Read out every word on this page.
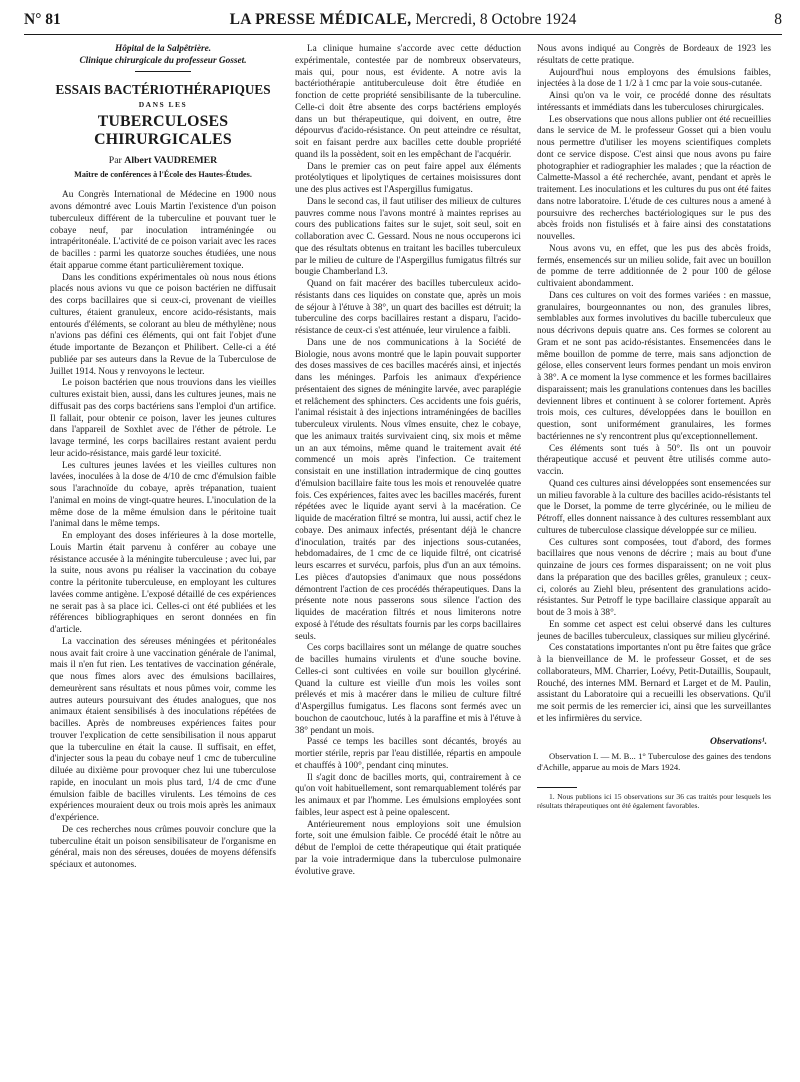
N° 81	LA PRESSE MÉDICALE, Mercredi, 8 Octobre 1924	8
Hôpital de la Salpêtrière.
Clinique chirurgicale du professeur Gosset.
ESSAIS BACTÉRIOTHÉRAPIQUES
DANS LES
TUBERCULOSES CHIRURGICALES
Par Albert VAUDREMER
Maître de conférences à l'École des Hautes-Études.

Au Congrès International de Médecine en 1900 nous avons démontré avec Louis Martin l'existence d'un poison tuberculeux différent de la tuberculine et pouvant tuer le cobaye neuf, par inoculation intraméningée ou intrapéritonéale. L'activité de ce poison variait avec les races de bacilles : parmi les quatorze souches étudiées, une nous était apparue comme étant particulièrement toxique.

Dans les conditions expérimentales où nous nous étions placés nous avions vu que ce poison bactérien ne diffusait des corps bacillaires que si ceux-ci, provenant de vieilles cultures, étaient granuleux, encore acido-résistants, mais entourés d'éléments, se colorant au bleu de méthylène; nous n'avions pas défini ces éléments, qui ont fait l'objet d'une étude importante de Bezançon et Philibert. Celle-ci a été publiée par ses auteurs dans la Revue de la Tuberculose de Juillet 1914. Nous y renvoyons le lecteur.

Le poison bactérien que nous trouvions dans les vieilles cultures existait bien, aussi, dans les cultures jeunes, mais ne diffusait pas des corps bactériens sans l'emploi d'un artifice. Il fallait, pour obtenir ce poison, laver les jeunes cultures dans l'appareil de Soxhlet avec de l'éther de pétrole. Le lavage terminé, les corps bacillaires restant avaient perdu leur acido-résistance, mais gardé leur toxicité.

Les cultures jeunes lavées et les vieilles cultures non lavées, inoculées à la dose de 4/10 de cmc d'émulsion faible sous l'arachnoïde du cobaye, après trépanation, tuaient l'animal en moins de vingt-quatre heures. L'inoculation de la même dose de la même émulsion dans le péritoine tuait l'animal dans le même temps.

En employant des doses inférieures à la dose mortelle, Louis Martin était parvenu à conférer au cobaye une résistance accusée à la méningite tuberculeuse ; avec lui, par la suite, nous avons pu réaliser la vaccination du cobaye contre la péritonite tuberculeuse, en employant les cultures lavées comme antigène. L'exposé détaillé de ces expériences ne serait pas à sa place ici. Celles-ci ont été publiées et les références bibliographiques en seront données en fin d'article.

La vaccination des séreuses méningées et péritonéales nous avait fait croire à une vaccination générale de l'animal, mais il n'en fut rien. Les tentatives de vaccination générale, que nous fîmes alors avec des émulsions bacillaires, demeurèrent sans résultats et nous pûmes voir, comme les autres auteurs poursuivant des études analogues, que nos animaux étaient sensibilisés à des inoculations répétées de bacilles. Après de nombreuses expériences faites pour trouver l'explication de cette sensibilisation il nous apparut que la tuberculine en était la cause. Il suffisait, en effet, d'injecter sous la peau du cobaye neuf 1 cmc de tuberculine diluée au dixième pour provoquer chez lui une tuberculose rapide, en inoculant un mois plus tard, 1/4 de cmc d'une émulsion faible de bacilles virulents. Les témoins de ces expériences mouraient deux ou trois mois après les animaux d'expérience.

De ces recherches nous crûmes pouvoir conclure que la tuberculine était un poison sensibilisateur de l'organisme en général, mais non des séreuses, douées de moyens défensifs spéciaux et autonomes.

La clinique humaine s'accorde avec cette déduction expérimentale, contestée par de nombreux observateurs, mais qui, pour nous, est évidente. A notre avis la bactériothérapie antituberculeuse doit être étudiée en fonction de cette propriété sensibilisante de la tuberculine. Celle-ci doit être absente des corps bactériens employés dans un but thérapeutique, qui doivent, en outre, être dépourvus d'acido-résistance. On peut atteindre ce résultat, soit en faisant perdre aux bacilles cette double propriété quand ils la possèdent, soit en les empêchant de l'acquérir.

Dans le premier cas on peut faire appel aux éléments protéolytiques et lipolytiques de certaines moisissures dont une des plus actives est l'Aspergillus fumigatus.

Dans le second cas, il faut utiliser des milieux de cultures pauvres comme nous l'avons montré à maintes reprises au cours des publications faites sur le sujet, soit seul, soit en collaboration avec C. Gessard. Nous ne nous occuperons ici que des résultats obtenus en traitant les bacilles tuberculeux par le milieu de culture de l'Aspergillus fumigatus filtrés sur bougie Chamberland L3.

Quand on fait macérer des bacilles tuberculeux acido-résistants dans ces liquides on constate que, après un mois de séjour à l'étuve à 38°, un quart des bacilles est détruit; la tuberculine des corps bacillaires restant a disparu, l'acido-résistance de ceux-ci s'est atténuée, leur virulence a faibli.

Dans une de nos communications à la Société de Biologie, nous avons montré que le lapin pouvait supporter des doses massives de ces bacilles macérés ainsi, et injectés dans les méninges. Parfois les animaux d'expérience présentaient des signes de méningite larvée, avec paraplégie et relâchement des sphincters. Ces accidents une fois guéris, l'animal résistait à des injections intraméningées de bacilles tuberculeux virulents. Nous vîmes ensuite, chez le cobaye, que les animaux traités survivaient cinq, six mois et même un an aux témoins, même quand le traitement avait été commencé un mois après l'infection. Ce traitement consistait en une instillation intradermique de cinq gouttes d'émulsion bacillaire faite tous les mois et renouvelée quatre fois. Ces expériences, faites avec les bacilles macérés, furent répétées avec le liquide ayant servi à la macération. Ce liquide de macération filtré se montra, lui aussi, actif chez le cobaye. Des animaux infectés, présentant déjà le chancre d'inoculation, traités par des injections sous-cutanées, hebdomadaires, de 1 cmc de ce liquide filtré, ont cicatrisé leurs escarres et survécu, parfois, plus d'un an aux témoins. Les pièces d'autopsies d'animaux que nous possédons démontrent l'action de ces procédés thérapeutiques. Dans la présente note nous passerons sous silence l'action des liquides de macération filtrés et nous limiterons notre exposé à l'étude des résultats fournis par les corps bacillaires seuls.

Ces corps bacillaires sont un mélange de quatre souches de bacilles humains virulents et d'une souche bovine. Celles-ci sont cultivées en voile sur bouillon glycériné. Quand la culture est vieille d'un mois les voiles sont prélevés et mis à macérer dans le milieu de culture filtré d'Aspergillus fumigatus. Les flacons sont fermés avec un bouchon de caoutchouc, lutés à la paraffine et mis à l'étuve à 38° pendant un mois.

Passé ce temps les bacilles sont décantés, broyés au mortier stérile, repris par l'eau distillée, répartis en ampoule et chauffés à 100°, pendant cinq minutes.

Il s'agit donc de bacilles morts, qui, contrairement à ce qu'on voit habituellement, sont remarquablement tolérés par les animaux et par l'homme. Les émulsions employées sont faibles, leur aspect est à peine opalescent.

Antérieurement nous employions soit une émulsion forte, soit une émulsion faible. Ce procédé était le nôtre au début de l'emploi de cette thérapeutique qui était pratiquée par la voie intradermique dans la tuberculose pulmonaire évolutive grave.

Nous avons indiqué au Congrès de Bordeaux de 1923 les résultats de cette pratique.

Aujourd'hui nous employons des émulsions faibles, injectées à la dose de 1 1/2 à 1 cmc par la voie sous-cutanée.

Ainsi qu'on va le voir, ce procédé donne des résultats intéressants et immédiats dans les tuberculoses chirurgicales.

Les observations que nous allons publier ont été recueillies dans le service de M. le professeur Gosset qui a bien voulu nous permettre d'utiliser les moyens scientifiques complets dont ce service dispose. C'est ainsi que nous avons pu faire photographier et radiographier les malades ; que la réaction de Calmette-Massol a été recherchée, avant, pendant et après le traitement. Les inoculations et les cultures du pus ont été faites dans notre laboratoire. L'étude de ces cultures nous a amené à poursuivre des recherches bactériologiques sur le pus des abcès froids non fistulisés et à faire ainsi des constatations nouvelles.

Nous avons vu, en effet, que les pus des abcès froids, fermés, ensemencés sur un milieu solide, fait avec un bouillon de pomme de terre additionnée de 2 pour 100 de gélose cultivaient abondamment.

Dans ces cultures on voit des formes variées : en massue, granulaires, bourgeonnantes ou non, des granules libres, semblables aux formes involutives du bacille tuberculeux que nous décrivons depuis quatre ans. Ces formes se colorent au Gram et ne sont pas acido-résistantes. Ensemencées dans le même bouillon de pomme de terre, mais sans adjonction de gélose, elles conservent leurs formes pendant un mois environ à 38°. A ce moment la lyse commence et les formes bacillaires disparaissent; mais les granulations contenues dans les bacilles deviennent libres et continuent à se colorer fortement. Après trois mois, ces cultures, développées dans le bouillon en question, sont uniformément granulaires, les formes bactériennes ne s'y rencontrent plus qu'exceptionnellement.

Ces éléments sont tués à 50°. Ils ont un pouvoir thérapeutique accusé et peuvent être utilisés comme auto-vaccin.

Quand ces cultures ainsi développées sont ensemencées sur un milieu favorable à la culture des bacilles acido-résistants tel que le Dorset, la pomme de terre glycérinée, ou le milieu de Pétroff, elles donnent naissance à des cultures ressemblant aux cultures de tuberculose classique développée sur ce milieu.

Ces cultures sont composées, tout d'abord, des formes bacillaires que nous venons de décrire ; mais au bout d'une quinzaine de jours ces formes disparaissent; on ne voit plus dans la préparation que des bacilles grêles, granuleux ; ceux-ci, colorés au Ziehl bleu, présentent des granulations acido-résistantes. Sur Petroff le type bacillaire classique apparaît au bout de 3 mois à 38°.

En somme cet aspect est celui observé dans les cultures jeunes de bacilles tuberculeux, classiques sur milieu glycériné.

Ces constatations importantes n'ont pu être faites que grâce à la bienveillance de M. le professeur Gosset, et de ses collaborateurs, MM. Charrier, Loévy, Petit-Dutaillis, Soupault, Rouché, des internes MM. Bernard et Larget et de M. Paulin, assistant du Laboratoire qui a recueilli les observations. Qu'il me soit permis de les remercier ici, ainsi que les surveillantes et les infirmières du service.

Observations¹.
Observation I. — M. B... 1° Tuberculose des gaines des tendons d'Achille, apparue au mois de Mars 1924.
1. Nous publions ici 15 observations sur 36 cas traités pour lesquels les résultats thérapeutiques ont été également favorables.
